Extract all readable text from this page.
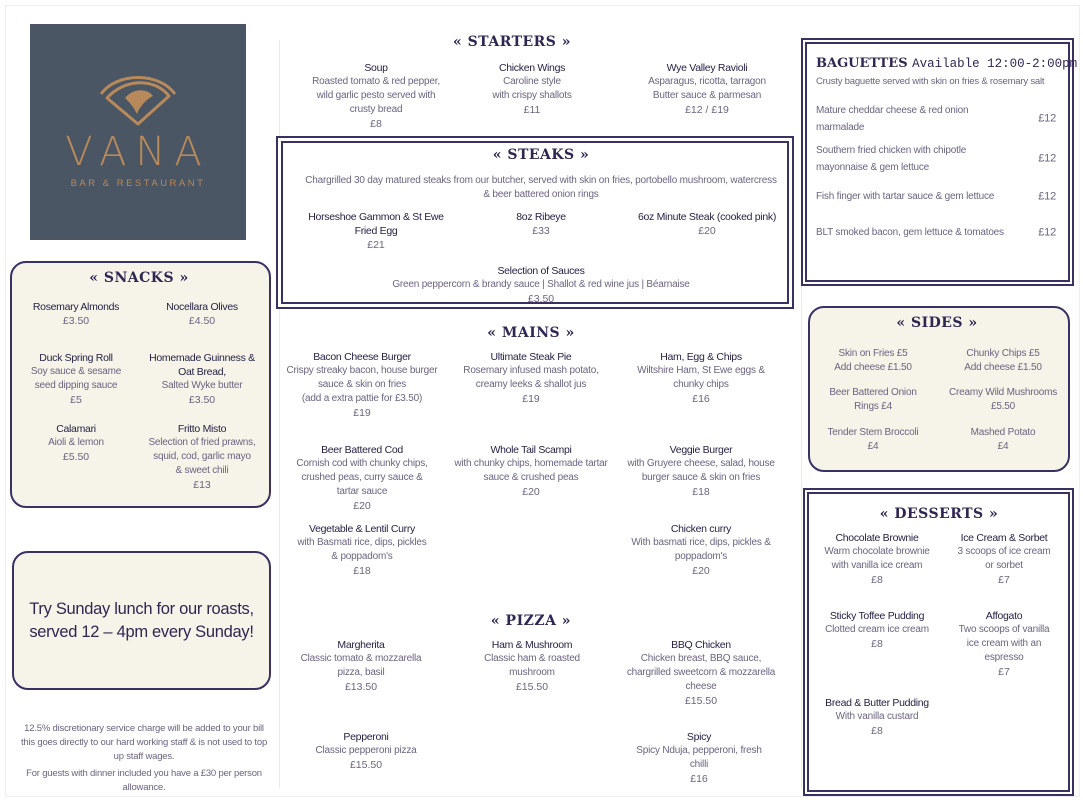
VANA
BAR & RESTAURANT
« STARTERS »
Soup
Roasted tomato & red pepper,
wild garlic pesto served with
crusty bread
£8
Chicken Wings
Caroline style
with crispy shallots
£11
Wye Valley Ravioli
Asparagus, ricotta, tarragon
Butter sauce & parmesan
£12 / £19
« STEAKS »
Chargrilled 30 day matured steaks from our butcher, served with skin on fries, portobello mushroom, watercress
& beer battered onion rings
Horseshoe Gammon & St Ewe
Fried Egg
£21
8oz Ribeye
£33
6oz Minute Steak (cooked pink)
£20
Selection of Sauces
Green peppercorn & brandy sauce | Shallot & red wine jus | Béarnaise
£3.50
« MAINS »
Bacon Cheese Burger
Crispy streaky bacon, house burger
sauce & skin on fries
(add a extra pattie for £3.50)
£19
Ultimate Steak Pie
Rosemary infused mash potato,
creamy leeks & shallot jus
£19
Ham, Egg & Chips
Wiltshire Ham, St Ewe eggs &
chunky chips
£16
Beer Battered Cod
Cornish cod with chunky chips,
crushed peas, curry sauce &
tartar sauce
£20
Whole Tail Scampi
with chunky chips, homemade tartar
sauce & crushed peas
£20
Veggie Burger
with Gruyere cheese, salad, house
burger sauce & skin on fries
£18
Vegetable & Lentil Curry
with Basmati rice, dips, pickles
& poppadom's
£18
Chicken curry
With basmati rice, dips, pickles &
poppadom's
£20
« PIZZA »
Margherita
Classic tomato & mozzarella
pizza, basil
£13.50
Ham & Mushroom
Classic ham & roasted
mushroom
£15.50
BBQ Chicken
Chicken breast, BBQ sauce,
chargrilled sweetcorn & mozzarella
cheese
£15.50
Pepperoni
Classic pepperoni pizza
£15.50
Spicy
Spicy Nduja, pepperoni, fresh
chilli
£16
« SNACKS »
Rosemary Almonds
£3.50
Nocellara Olives
£4.50
Duck Spring Roll
Soy sauce & sesame
seed dipping sauce
£5
Homemade Guinness &
Oat Bread,
Salted Wyke butter
£3.50
Calamari
Aioli & lemon
£5.50
Fritto Misto
Selection of fried prawns,
squid, cod, garlic mayo
& sweet chili
£13
Try Sunday lunch for our roasts, served 12 – 4pm every Sunday!
12.5% discretionary service charge will be added to your bill this goes directly to our hard working staff & is not used to top up staff wages.
For guests with dinner included you have a £30 per person allowance.
BAGUETTES Available 12:00-2:00pm
Crusty baguette served with skin on fries & rosemary salt
Mature cheddar cheese & red onion marmalade
£12
Southern fried chicken with chipotle mayonnaise & gem lettuce
£12
Fish finger with tartar sauce & gem lettuce	£12
BLT smoked bacon, gem lettuce & tomatoes	£12
« SIDES »
Skin on Fries £5
Add cheese £1.50
Chunky Chips £5
Add cheese £1.50
Beer Battered Onion
Rings £4
Creamy Wild Mushrooms
£5.50
Tender Stem Broccoli
£4
Mashed Potato
£4
« DESSERTS »
Chocolate Brownie
Warm chocolate brownie
with vanilla ice cream
£8
Ice Cream & Sorbet
3 scoops of ice cream
or sorbet
£7
Sticky Toffee Pudding
Clotted cream ice cream
£8
Affogato
Two scoops of vanilla
ice cream with an
espresso
£7
Bread & Butter Pudding
With vanilla custard
£8
